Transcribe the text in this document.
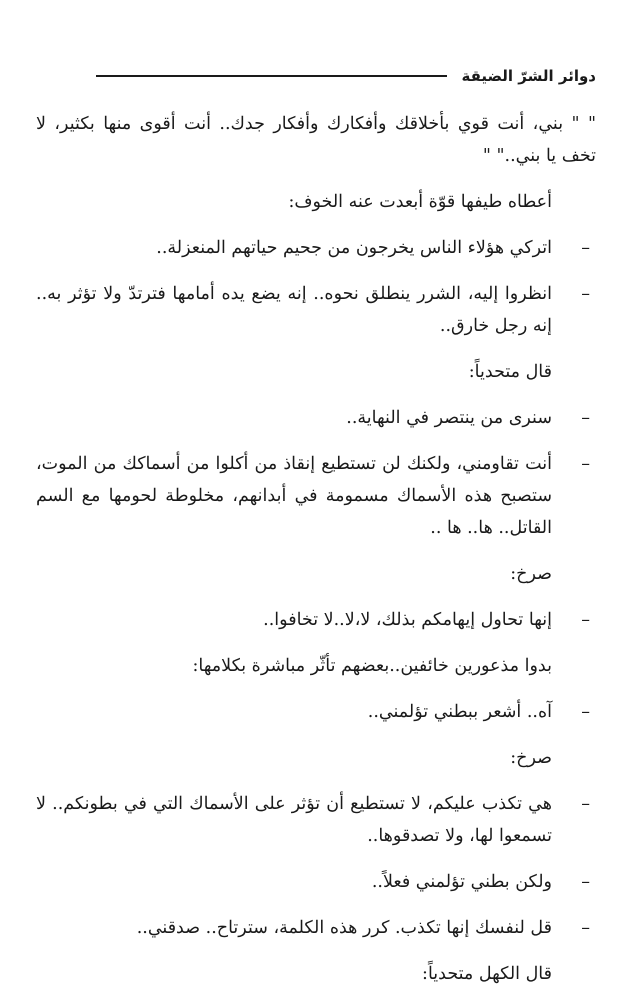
دوائر الشرّ الضيقة

" " بني، أنت قوي بأخلاقك وأفكارك وأفكار جدك.. أنت أقوى منها بكثير، لا تخف يا بني.." "

أعطاه طيفها قوّة أبعدت عنه الخوف:

–
اتركي هؤلاء الناس يخرجون من جحيم حياتهم المنعزلة..

–
انظروا إليه، الشرر ينطلق نحوه.. إنه يضع يده أمامها فترتدّ ولا تؤثر به.. إنه رجل خارق..

قال متحدياً:

–
سنرى من ينتصر في النهاية..

–
أنت تقاومني، ولكنك لن تستطيع إنقاذ من أكلوا من أسماكك من الموت، ستصبح هذه الأسماك مسمومة في أبدانهم، مخلوطة لحومها مع السم القاتل.. ها.. ها ..

صرخ:

–
إنها تحاول إيهامكم بذلك، لا،لا..لا تخافوا..

بدوا مذعورين خائفين..بعضهم تأثّر مباشرة بكلامها:

–
آه.. أشعر ببطني تؤلمني..

صرخ:

–
هي تكذب عليكم، لا تستطيع أن تؤثر على الأسماك التي في بطونكم.. لا تسمعوا لها، ولا تصدقوها..

–
ولكن بطني تؤلمني فعلاً..

–
قل لنفسك إنها تكذب. كرر هذه الكلمة، سترتاح.. صدقني..

قال الكهل متحدياً:
